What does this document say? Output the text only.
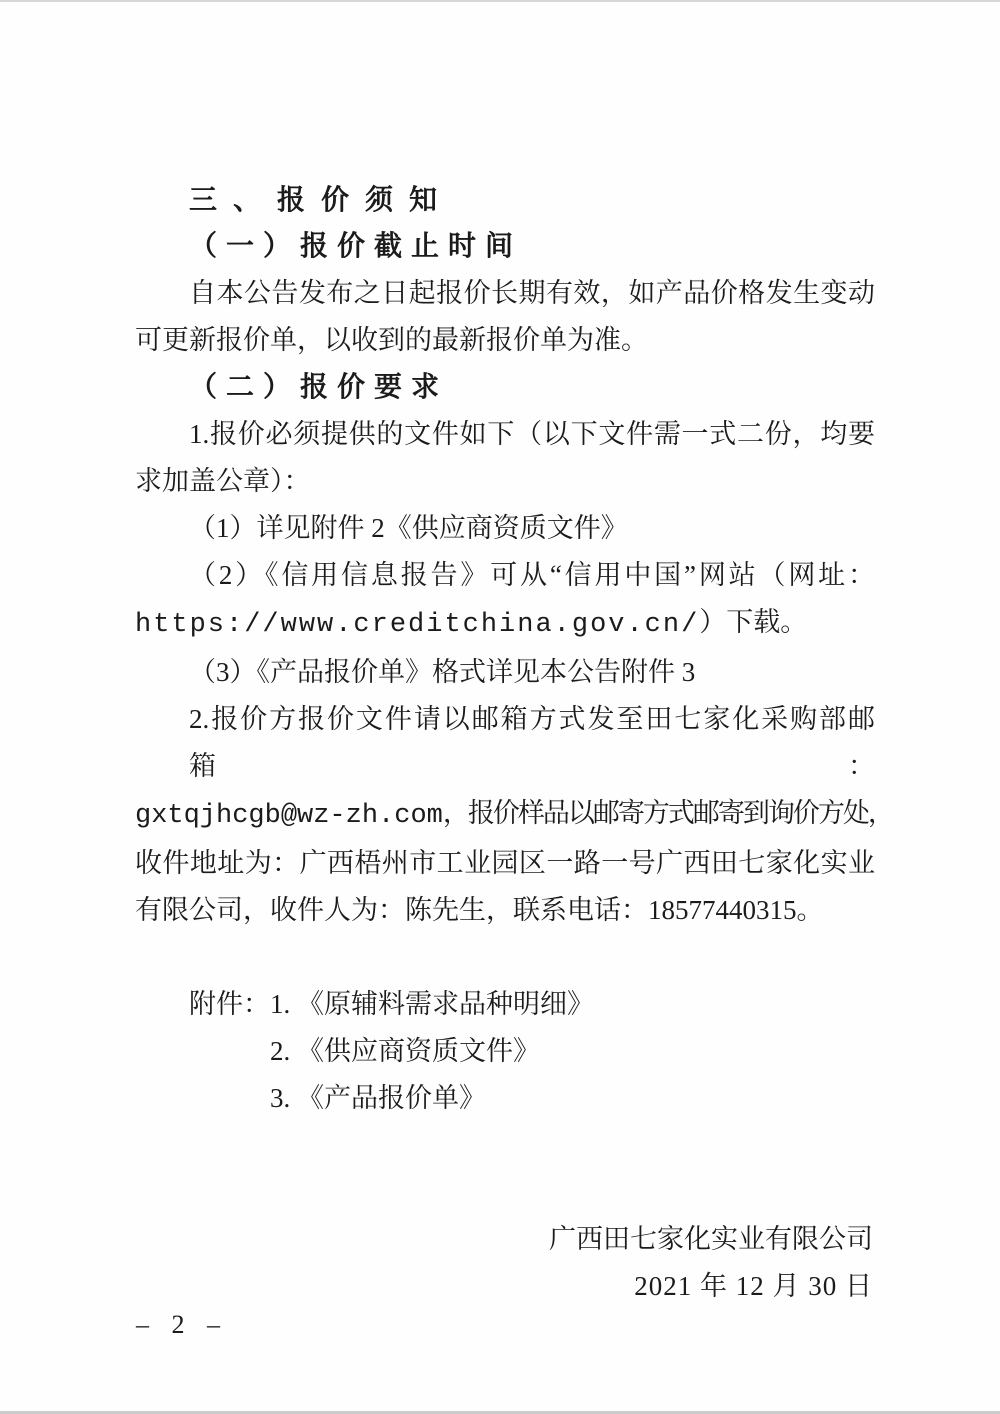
三、报价须知
（一）报价截止时间
自本公告发布之日起报价长期有效，如产品价格发生变动
可更新报价单，以收到的最新报价单为准。
（二）报价要求
1.报价必须提供的文件如下（以下文件需一式二份，均要
求加盖公章）：
（1）详见附件 2《供应商资质文件》
（2）《信用信息报告》可从“信用中国”网站（网址：
https://www.creditchina.gov.cn/）下载。
（3）《产品报价单》格式详见本公告附件 3
2.报价方报价文件请以邮箱方式发至田七家化采购部邮箱：
gxtqjhcgb@wz-zh.com，报价样品以邮寄方式邮寄到询价方处，
收件地址为：广西梧州市工业园区一路一号广西田七家化实业
有限公司，收件人为：陈先生，联系电话：18577440315。
附件：1. 《原辅料需求品种明细》
2. 《供应商资质文件》
3. 《产品报价单》
广西田七家化实业有限公司
2021 年 12 月 30 日
– 2 –
